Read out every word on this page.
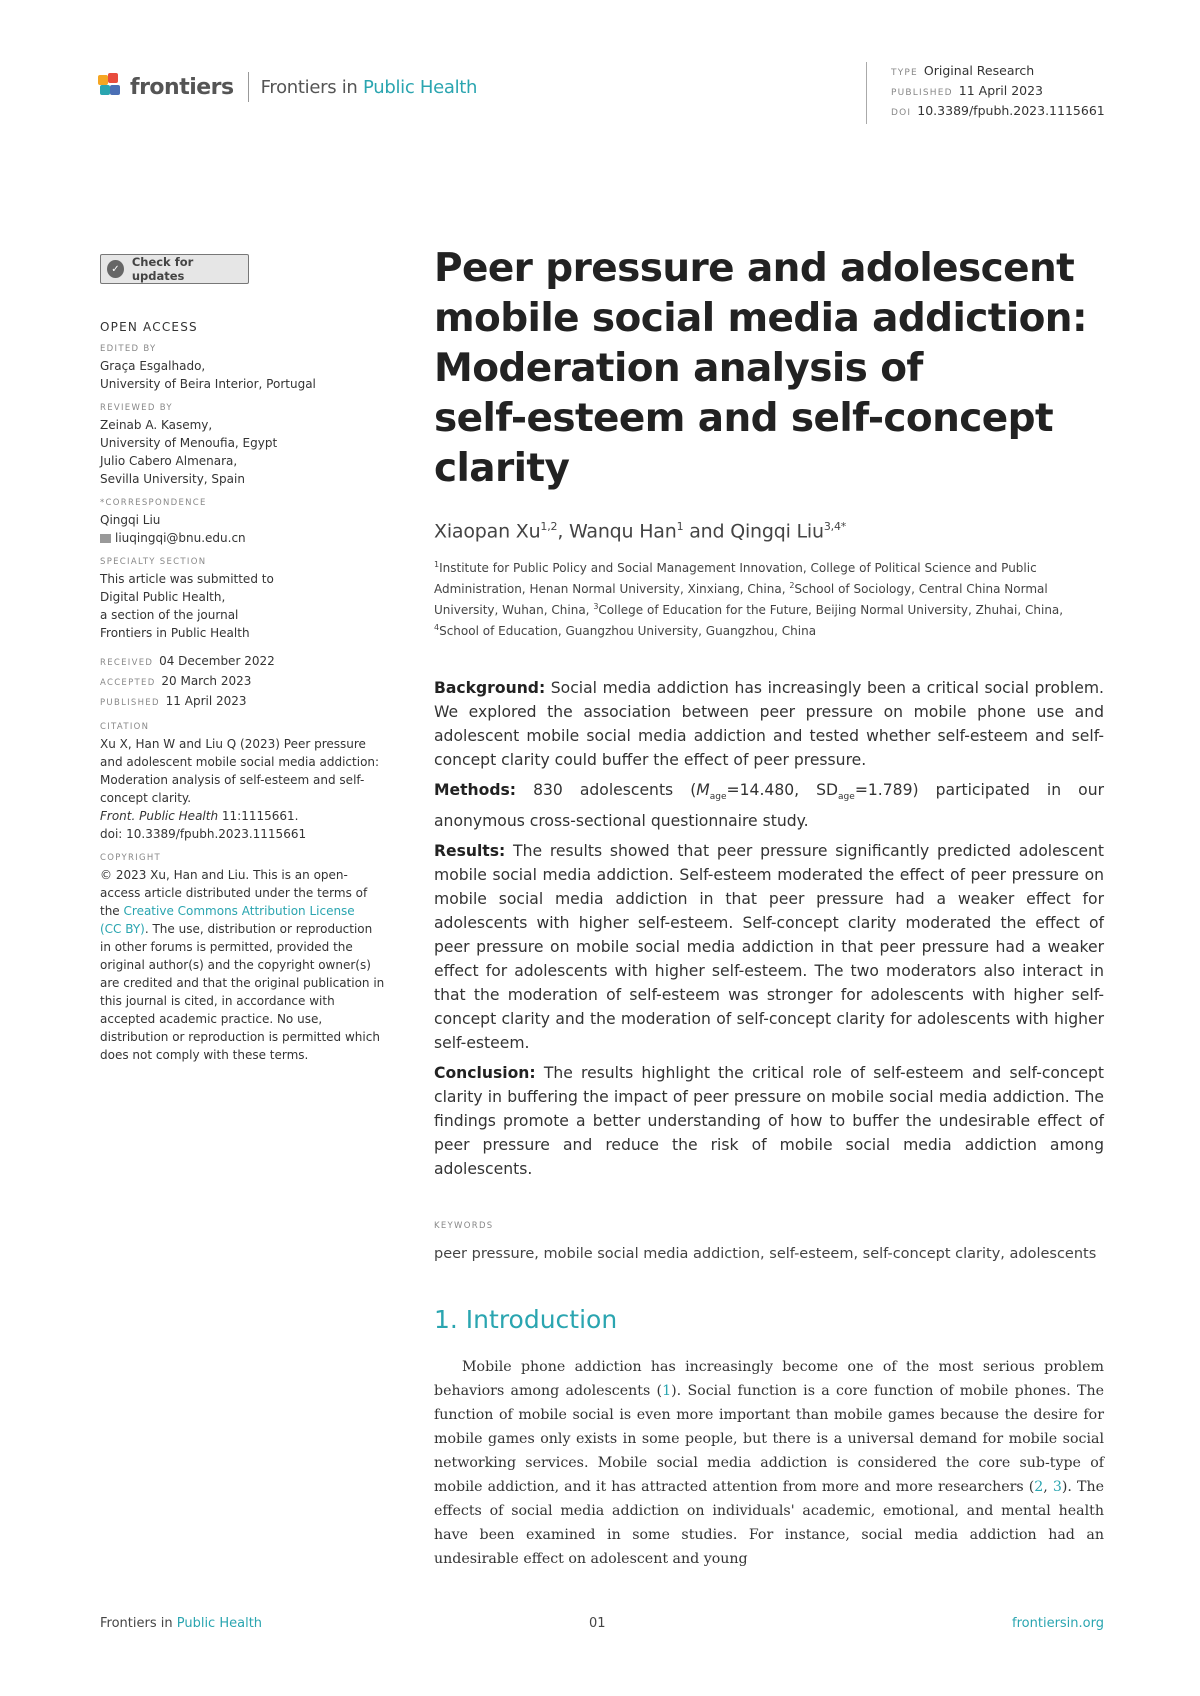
frontiers Frontiers in Public Health
TYPE Original Research
PUBLISHED 11 April 2023
DOI 10.3389/fpubh.2023.1115661
✓	Check for updates
OPEN ACCESS
EDITED BY
Graça Esgalhado,
University of Beira Interior, Portugal
REVIEWED BY
Zeinab A. Kasemy,
University of Menoufia, Egypt
Julio Cabero Almenara,
Sevilla University, Spain
*CORRESPONDENCE
Qingqi Liu
liuqingqi@bnu.edu.cn
SPECIALTY SECTION
This article was submitted to
Digital Public Health,
a section of the journal
Frontiers in Public Health
RECEIVED 04 December 2022
ACCEPTED 20 March 2023
PUBLISHED 11 April 2023
CITATION
Xu X, Han W and Liu Q (2023) Peer pressure
and adolescent mobile social media addiction:
Moderation analysis of self-esteem and self-
concept clarity.
Front. Public Health 11:1115661.
doi: 10.3389/fpubh.2023.1115661
COPYRIGHT
© 2023 Xu, Han and Liu. This is an open-
access article distributed under the terms of
the Creative Commons Attribution License
(CC BY). The use, distribution or reproduction
in other forums is permitted, provided the
original author(s) and the copyright owner(s)
are credited and that the original publication in
this journal is cited, in accordance with
accepted academic practice. No use,
distribution or reproduction is permitted which
does not comply with these terms.
Peer pressure and adolescent
mobile social media addiction:
Moderation analysis of
self-esteem and self-concept
clarity
Xiaopan Xu$^{1,2}$, Wanqu Han$^1$ and Qingqi Liu$^{3,4*}$
$^1$Institute for Public Policy and Social Management Innovation, College of Political Science and Public Administration, Henan Normal University, Xinxiang, China, $^2$School of Sociology, Central China Normal University, Wuhan, China, $^3$College of Education for the Future, Beijing Normal University, Zhuhai, China, $^4$School of Education, Guangzhou University, Guangzhou, China

Background: Social media addiction has increasingly been a critical social problem. We explored the association between peer pressure on mobile phone use and adolescent mobile social media addiction and tested whether self-esteem and self-concept clarity could buffer the effect of peer pressure.

Methods: 830 adolescents ($M_{age}=14.480$, $SD_{age}=1.789$) participated in our anonymous cross-sectional questionnaire study.

Results: The results showed that peer pressure significantly predicted adolescent mobile social media addiction. Self-esteem moderated the effect of peer pressure on mobile social media addiction in that peer pressure had a weaker effect for adolescents with higher self-esteem. Self-concept clarity moderated the effect of peer pressure on mobile social media addiction in that peer pressure had a weaker effect for adolescents with higher self-esteem. The two moderators also interact in that the moderation of self-esteem was stronger for adolescents with higher self-concept clarity and the moderation of self-concept clarity for adolescents with higher self-esteem.

Conclusion: The results highlight the critical role of self-esteem and self-concept clarity in buffering the impact of peer pressure on mobile social media addiction. The findings promote a better understanding of how to buffer the undesirable effect of peer pressure and reduce the risk of mobile social media addiction among adolescents.

KEYWORDS
peer pressure, mobile social media addiction, self-esteem, self-concept clarity, adolescents
1. Introduction

Mobile phone addiction has increasingly become one of the most serious problem behaviors among adolescents (1). Social function is a core function of mobile phones. The function of mobile social is even more important than mobile games because the desire for mobile games only exists in some people, but there is a universal demand for mobile social networking services. Mobile social media addiction is considered the core sub-type of mobile addiction, and it has attracted attention from more and more researchers (2, 3). The effects of social media addiction on individuals' academic, emotional, and mental health have been examined in some studies. For instance, social media addiction had an undesirable effect on adolescent and young

Frontiers in Public Health	01	frontiersin.org
